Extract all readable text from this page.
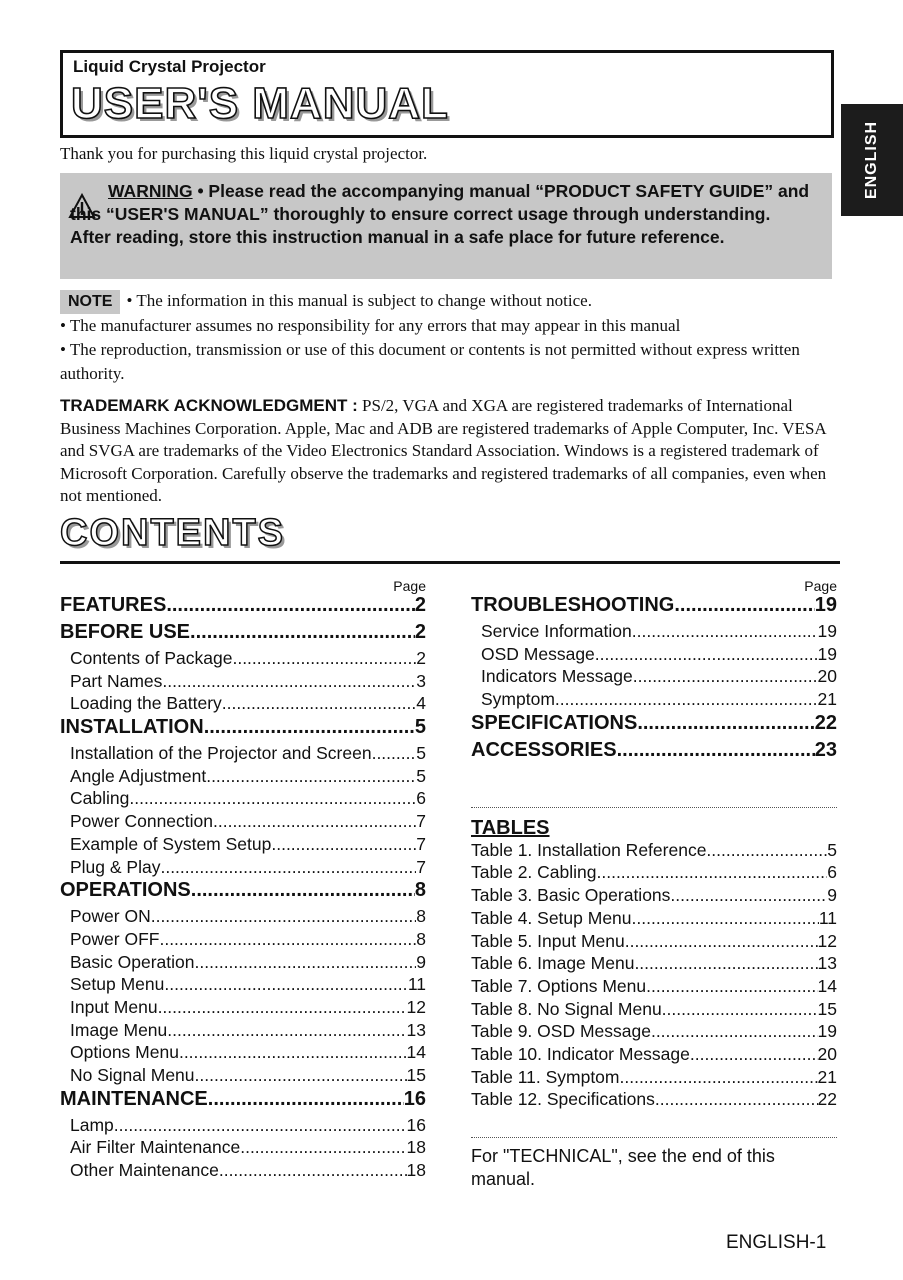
Liquid Crystal Projector
USER'S MANUAL
ENGLISH
Thank you for purchasing this liquid crystal projector.
WARNING • Please read the accompanying manual “PRODUCT SAFETY GUIDE” and this “USER'S MANUAL” thoroughly to ensure correct usage through understanding. After reading, store this instruction manual in a safe place for future reference.
NOTE • The information in this manual is subject to change without notice.
• The manufacturer assumes no responsibility for any errors that may appear in this manual
• The reproduction, transmission or use of this document or contents is not permitted without express written authority.
TRADEMARK ACKNOWLEDGMENT : PS/2, VGA and XGA are registered trademarks of International Business Machines Corporation. Apple, Mac and ADB are registered trademarks of Apple Computer, Inc. VESA and SVGA are trademarks of the Video Electronics Standard Association. Windows is a registered trademark of Microsoft Corporation. Carefully observe the trademarks and registered trademarks of all companies, even when not mentioned.
CONTENTS
Page
FEATURES .....	2
BEFORE USE .....	2
Contents of Package .....	2
Part Names .....	3
Loading the Battery .....	4
INSTALLATION .....	5
Installation of the Projector and Screen .....	5
Angle Adjustment .....	5
Cabling .....	6
Power Connection .....	7
Example of System Setup .....	7
Plug & Play .....	7
OPERATIONS .....	8
Power ON .....	8
Power OFF .....	8
Basic Operation .....	9
Setup Menu .....	11
Input Menu .....	12
Image Menu .....	13
Options Menu .....	14
No Signal Menu .....	15
MAINTENANCE .....	16
Lamp .....	16
Air Filter Maintenance .....	18
Other Maintenance .....	18
Page
TROUBLESHOOTING .....	19
Service Information .....	19
OSD Message .....	19
Indicators Message .....	20
Symptom .....	21
SPECIFICATIONS .....	22
ACCESSORIES .....	23
TABLES
Table 1. Installation Reference .....	5
Table 2. Cabling .....	6
Table 3. Basic Operations .....	9
Table 4. Setup Menu .....	11
Table 5. Input Menu .....	12
Table 6. Image Menu .....	13
Table 7. Options Menu .....	14
Table 8. No Signal Menu .....	15
Table 9. OSD Message .....	19
Table 10. Indicator Message .....	20
Table 11. Symptom .....	21
Table 12. Specifications .....	22
For "TECHNICAL", see the end of this manual.
ENGLISH-1
